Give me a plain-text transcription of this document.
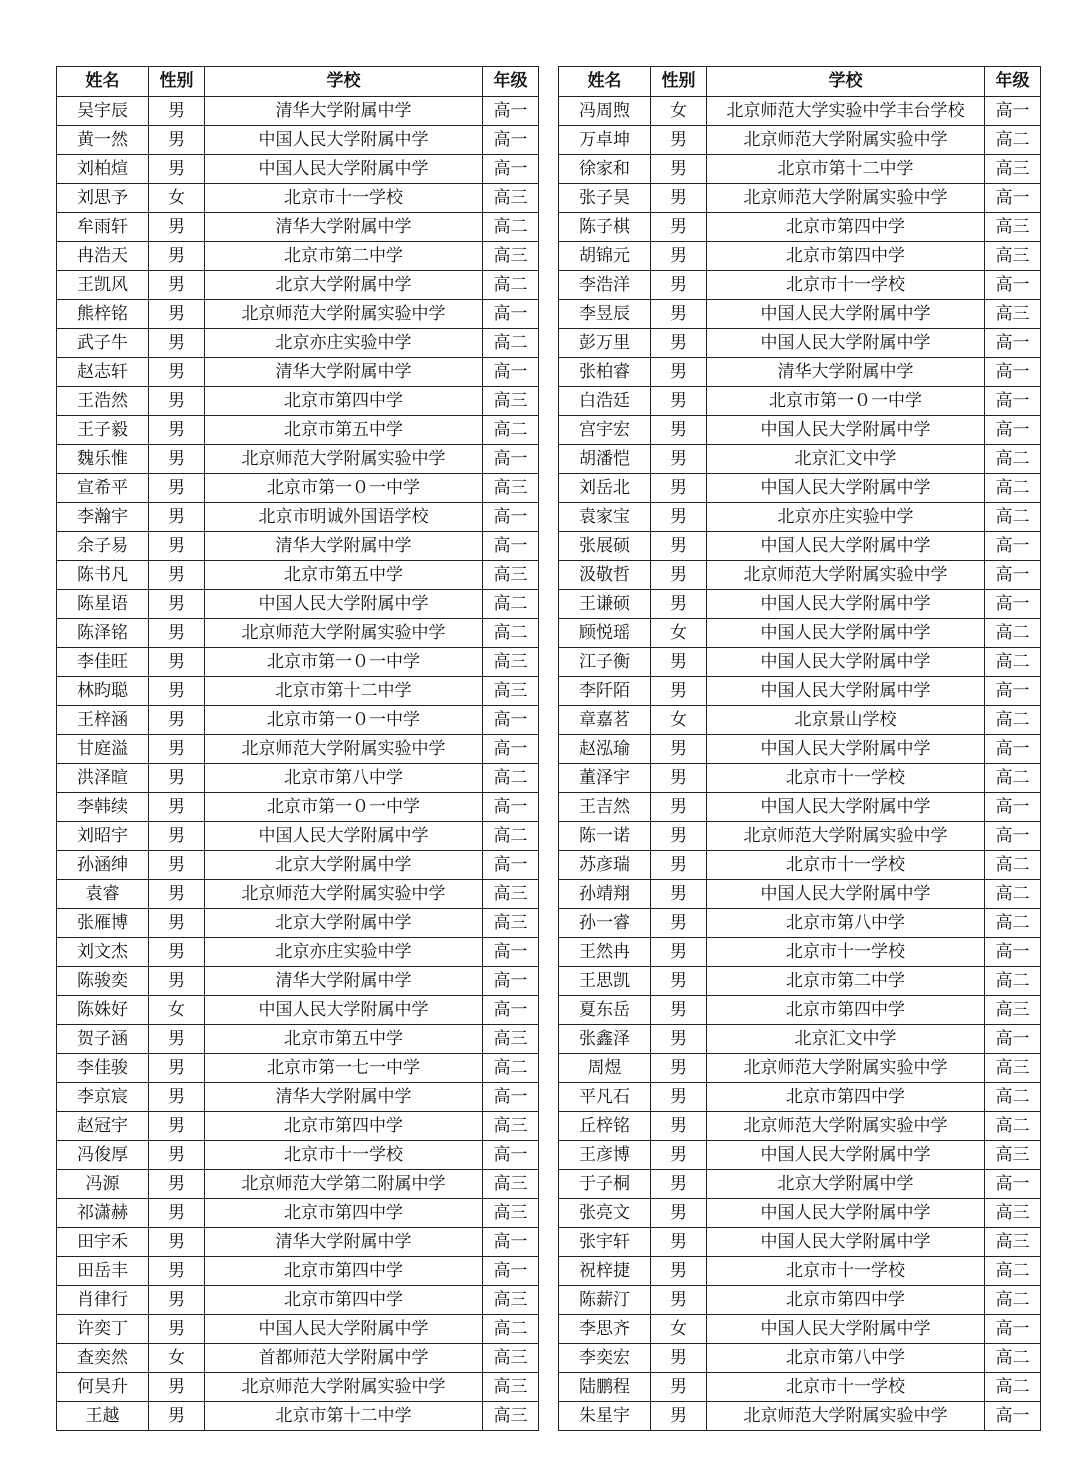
姓名	性别	学校	年级
吴宇辰	男	清华大学附属中学	高一
黄一然	男	中国人民大学附属中学	高一
刘柏煊	男	中国人民大学附属中学	高一
刘思予	女	北京市十一学校	高三
牟雨轩	男	清华大学附属中学	高二
冉浩天	男	北京市第二中学	高三
王凯风	男	北京大学附属中学	高二
熊梓铭	男	北京师范大学附属实验中学	高一
武子牛	男	北京亦庄实验中学	高二
赵志轩	男	清华大学附属中学	高一
王浩然	男	北京市第四中学	高三
王子毅	男	北京市第五中学	高二
魏乐惟	男	北京师范大学附属实验中学	高一
宣希平	男	北京市第一０一中学	高三
李瀚宇	男	北京市明诚外国语学校	高一
余子易	男	清华大学附属中学	高一
陈书凡	男	北京市第五中学	高三
陈星语	男	中国人民大学附属中学	高二
陈泽铭	男	北京师范大学附属实验中学	高二
李佳旺	男	北京市第一０一中学	高三
林昀聪	男	北京市第十二中学	高三
王梓涵	男	北京市第一０一中学	高一
甘庭溢	男	北京师范大学附属实验中学	高一
洪泽暄	男	北京市第八中学	高二
李韩续	男	北京市第一０一中学	高一
刘昭宇	男	中国人民大学附属中学	高二
孙涵绅	男	北京大学附属中学	高一
袁睿	男	北京师范大学附属实验中学	高三
张雁博	男	北京大学附属中学	高三
刘文杰	男	北京亦庄实验中学	高一
陈骏奕	男	清华大学附属中学	高一
陈姝好	女	中国人民大学附属中学	高一
贺子涵	男	北京市第五中学	高三
李佳骏	男	北京市第一七一中学	高二
李京宸	男	清华大学附属中学	高一
赵冠宇	男	北京市第四中学	高三
冯俊厚	男	北京市十一学校	高一
冯源	男	北京师范大学第二附属中学	高三
祁潇赫	男	北京市第四中学	高三
田宇禾	男	清华大学附属中学	高一
田岳丰	男	北京市第四中学	高一
肖律行	男	北京市第四中学	高三
许奕丁	男	中国人民大学附属中学	高二
查奕然	女	首都师范大学附属中学	高三
何昊升	男	北京师范大学附属实验中学	高三
王越	男	北京市第十二中学	高三
姓名	性别	学校	年级
冯周煦	女	北京师范大学实验中学丰台学校	高一
万卓坤	男	北京师范大学附属实验中学	高二
徐家和	男	北京市第十二中学	高三
张子昊	男	北京师范大学附属实验中学	高一
陈子棋	男	北京市第四中学	高三
胡锦元	男	北京市第四中学	高三
李浩洋	男	北京市十一学校	高一
李昱辰	男	中国人民大学附属中学	高三
彭万里	男	中国人民大学附属中学	高一
张柏睿	男	清华大学附属中学	高一
白浩廷	男	北京市第一０一中学	高一
宫宇宏	男	中国人民大学附属中学	高一
胡潘恺	男	北京汇文中学	高二
刘岳北	男	中国人民大学附属中学	高二
袁家宝	男	北京亦庄实验中学	高二
张展硕	男	中国人民大学附属中学	高一
汲敬哲	男	北京师范大学附属实验中学	高一
王谦硕	男	中国人民大学附属中学	高一
顾悦瑶	女	中国人民大学附属中学	高二
江子衡	男	中国人民大学附属中学	高二
李阡陌	男	中国人民大学附属中学	高一
章嘉茗	女	北京景山学校	高二
赵泓瑜	男	中国人民大学附属中学	高一
董泽宇	男	北京市十一学校	高二
王吉然	男	中国人民大学附属中学	高一
陈一诺	男	北京师范大学附属实验中学	高一
苏彦瑞	男	北京市十一学校	高二
孙靖翔	男	中国人民大学附属中学	高二
孙一睿	男	北京市第八中学	高二
王然冉	男	北京市十一学校	高一
王思凯	男	北京市第二中学	高二
夏东岳	男	北京市第四中学	高三
张鑫泽	男	北京汇文中学	高一
周煜	男	北京师范大学附属实验中学	高三
平凡石	男	北京市第四中学	高二
丘梓铭	男	北京师范大学附属实验中学	高二
王彦博	男	中国人民大学附属中学	高三
于子桐	男	北京大学附属中学	高一
张亮文	男	中国人民大学附属中学	高三
张宇轩	男	中国人民大学附属中学	高三
祝梓捷	男	北京市十一学校	高二
陈薪汀	男	北京市第四中学	高二
李思齐	女	中国人民大学附属中学	高一
李奕宏	男	北京市第八中学	高二
陆鹏程	男	北京市十一学校	高二
朱星宇	男	北京师范大学附属实验中学	高一
